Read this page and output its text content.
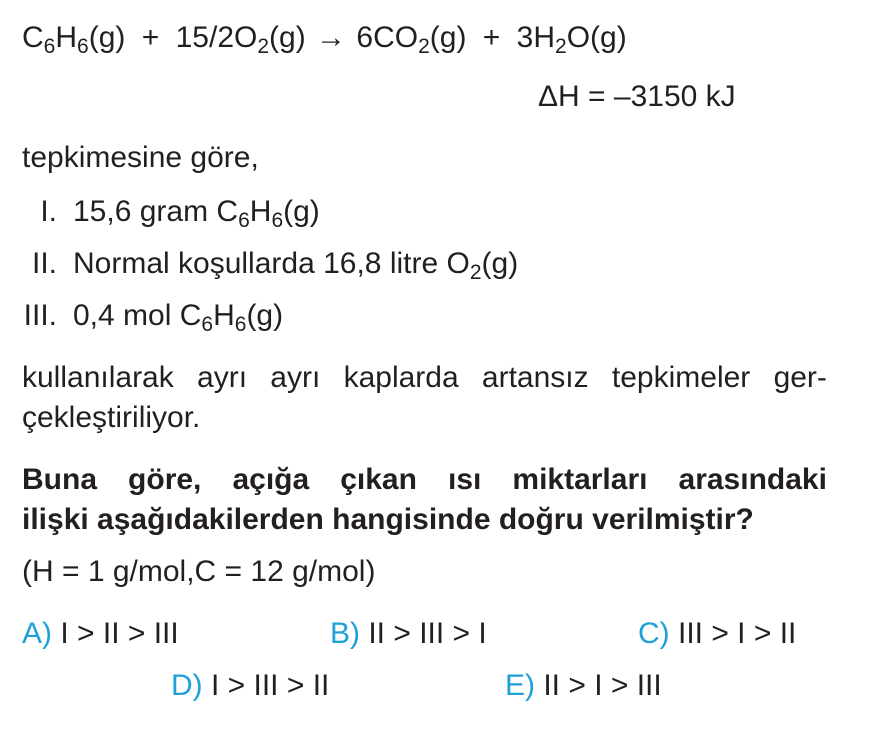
$C_6H_6(g) + 15/2O_2(g) \to 6CO_2(g) + 3H_2O(g)$
ΔH = –3150 kJ
tepkimesine göre,
I. 15,6 gram $C_6H_6(g)$
II. Normal koşullarda 16,8 litre $O_2(g)$
III. 0,4 mol $C_6H_6(g)$
kullanılarak ayrı ayrı kaplarda artansız tepkimeler ger-
çekleştiriliyor.
Buna göre, açığa çıkan ısı miktarları arasındaki
ilişki aşağıdakilerden hangisinde doğru verilmiştir?
(H = 1 g/mol,C = 12 g/mol)
A) I > II > III	B) II > III > I	C) III > I > II
D) I > III > II	E) II > I > III
